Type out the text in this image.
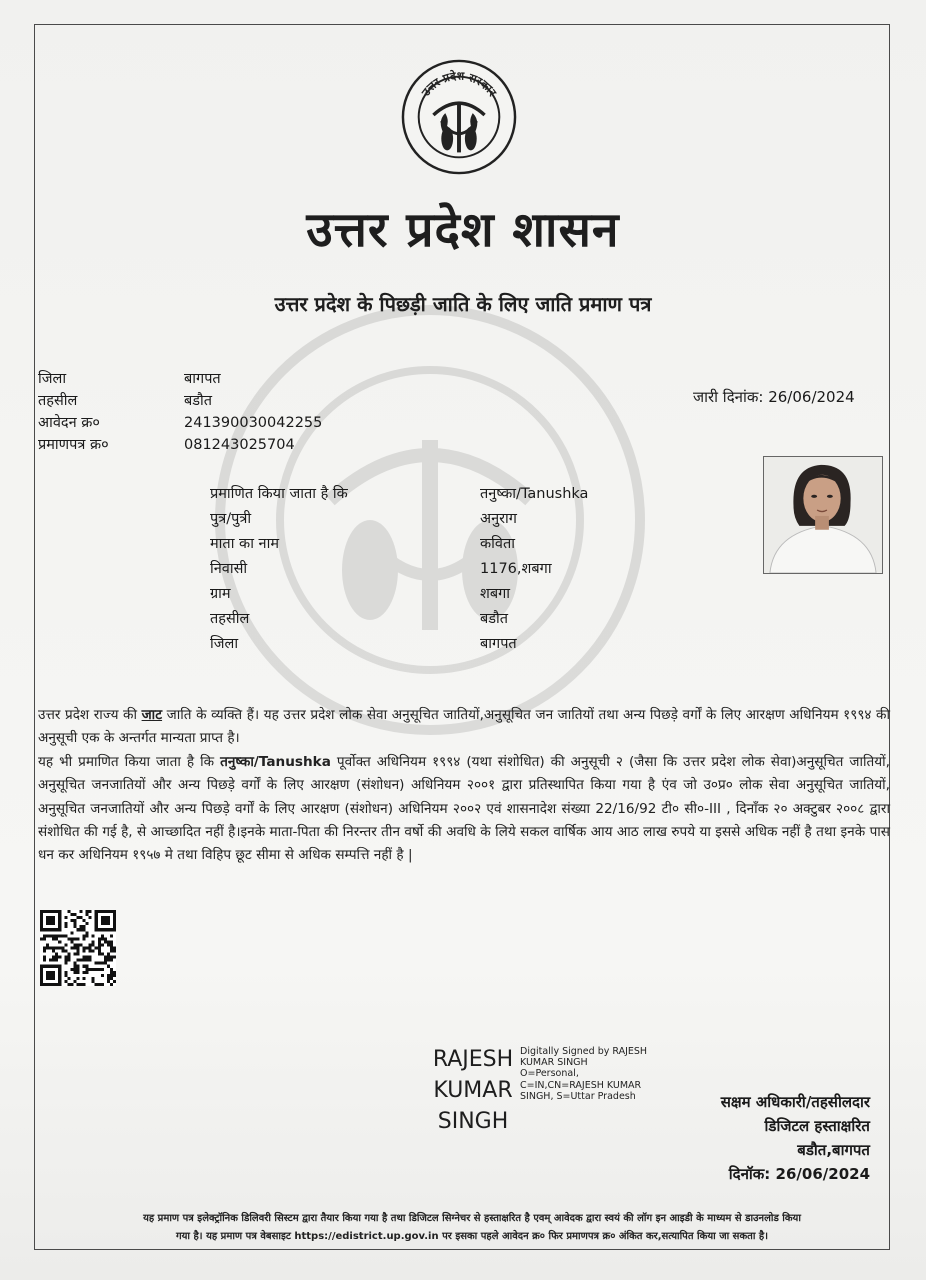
उत्तर प्रदेश सरकार
उत्तर प्रदेश शासन
उत्तर प्रदेश के पिछड़ी जाति के लिए जाति प्रमाण पत्र
जिला	बागपत
तहसील	बडौत
आवेदन क्र०	241390030042255
प्रमाणपत्र क्र०	081243025704
जारी दिनांक: 26/06/2024
प्रमाणित किया जाता है कि	तनुष्का/Tanushka
पुत्र/पुत्री	अनुराग
माता का नाम	कविता
निवासी	1176,शबगा
ग्राम	शबगा
तहसील	बडौत
जिला	बागपत

उत्तर प्रदेश राज्य की जाट जाति के व्यक्ति हैं। यह उत्तर प्रदेश लोक सेवा अनुसूचित जातियों,अनुसूचित जन जातियों तथा अन्य पिछड़े वर्गों के लिए आरक्षण अधिनियम १९९४ की अनुसूची एक के अन्तर्गत मान्यता प्राप्त है।

यह भी प्रमाणित किया जाता है कि तनुष्का/Tanushka पूर्वोक्त अधिनियम १९९४ (यथा संशोधित) की अनुसूची २ (जैसा कि उत्तर प्रदेश लोक सेवा)अनुसूचित जातियों, अनुसूचित जनजातियों और अन्य पिछड़े वर्गों के लिए आरक्षण (संशोधन) अधिनियम २००१ द्वारा प्रतिस्थापित किया गया है एंव जो उ०प्र० लोक सेवा अनुसूचित जातियों, अनुसूचित जनजातियों और अन्य पिछड़े वर्गों के लिए आरक्षण (संशोधन) अधिनियम २००२ एवं शासनादेश संख्या 22/16/92 टी० सी०-III , दिनाँक २० अक्टुबर २००८ द्वारा संशोधित की गई है, से आच्छादित नहीं है।इनके माता-पिता की निरन्तर तीन वर्षो की अवधि के लिये सकल वार्षिक आय आठ लाख रुपये या इससे अधिक नहीं है तथा इनके पास धन कर अधिनियम १९५७ मे तथा विहिप छूट सीमा से अधिक सम्पत्ति नहीं है |

RAJESH
KUMAR
SINGH
Digitally Signed by RAJESH
KUMAR SINGH
O=Personal,
C=IN,CN=RAJESH KUMAR
SINGH, S=Uttar Pradesh	सक्षम अधिकारी/तहसीलदार
डिजिटल हस्ताक्षरित
बडौत,बागपत
दिनॉक: 26/06/2024
यह प्रमाण पत्र इलेक्ट्रॉनिक डिलिवरी सिस्टम द्वारा तैयार किया गया है तथा डिजिटल सिग्नेचर से हस्ताक्षरित है एवम् आवेदक द्वारा स्वयं की लॉग इन आइडी के माध्यम से डाउनलोड किया
गया है। यह प्रमाण पत्र वेबसाइट https://edistrict.up.gov.in पर इसका पहले आवेदन क्र० फिर प्रमाणपत्र क्र० अंकित कर,सत्यापित किया जा सकता है।
